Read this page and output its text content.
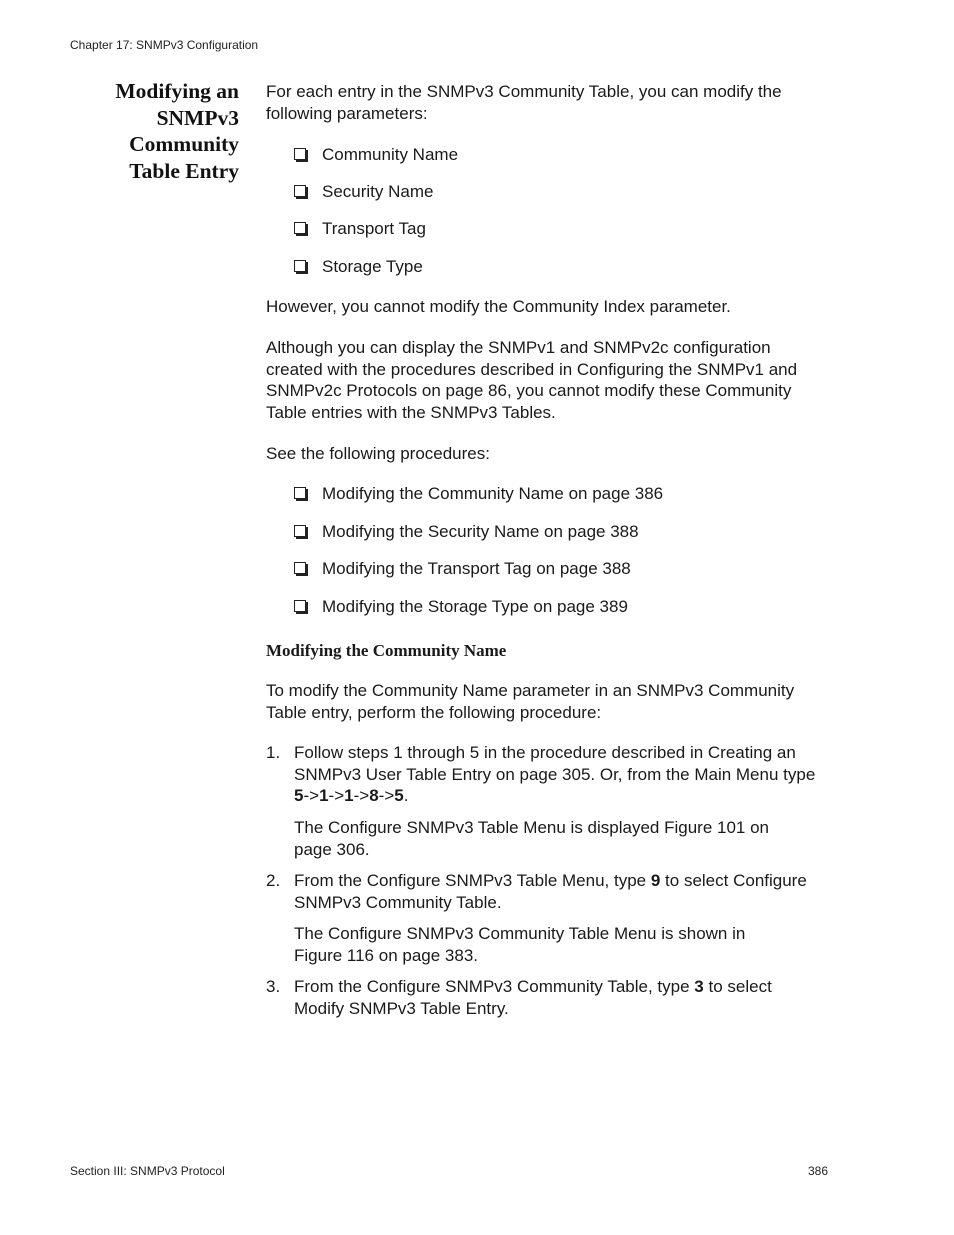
Chapter 17: SNMPv3 Configuration
Modifying an
SNMPv3
Community
Table Entry

For each entry in the SNMPv3 Community Table, you can modify the following parameters:

Community Name
Security Name
Transport Tag
Storage Type

However, you cannot modify the Community Index parameter.

Although you can display the SNMPv1 and SNMPv2c configuration created with the procedures described in Configuring the SNMPv1 and SNMPv2c Protocols on page 86, you cannot modify these Community Table entries with the SNMPv3 Tables.

See the following procedures:

Modifying the Community Name on page 386
Modifying the Security Name on page 388
Modifying the Transport Tag on page 388
Modifying the Storage Type on page 389
Modifying the Community Name

To modify the Community Name parameter in an SNMPv3 Community Table entry, perform the following procedure:

1. Follow steps 1 through 5 in the procedure described in Creating an SNMPv3 User Table Entry on page 305. Or, from the Main Menu type 5->1->1->8->5.

The Configure SNMPv3 Table Menu is displayed Figure 101 on page 306.

2. From the Configure SNMPv3 Table Menu, type 9 to select Configure SNMPv3 Community Table.

The Configure SNMPv3 Community Table Menu is shown in Figure 116 on page 383.

3. From the Configure SNMPv3 Community Table, type 3 to select Modify SNMPv3 Table Entry.
Section III: SNMPv3 Protocol	386
